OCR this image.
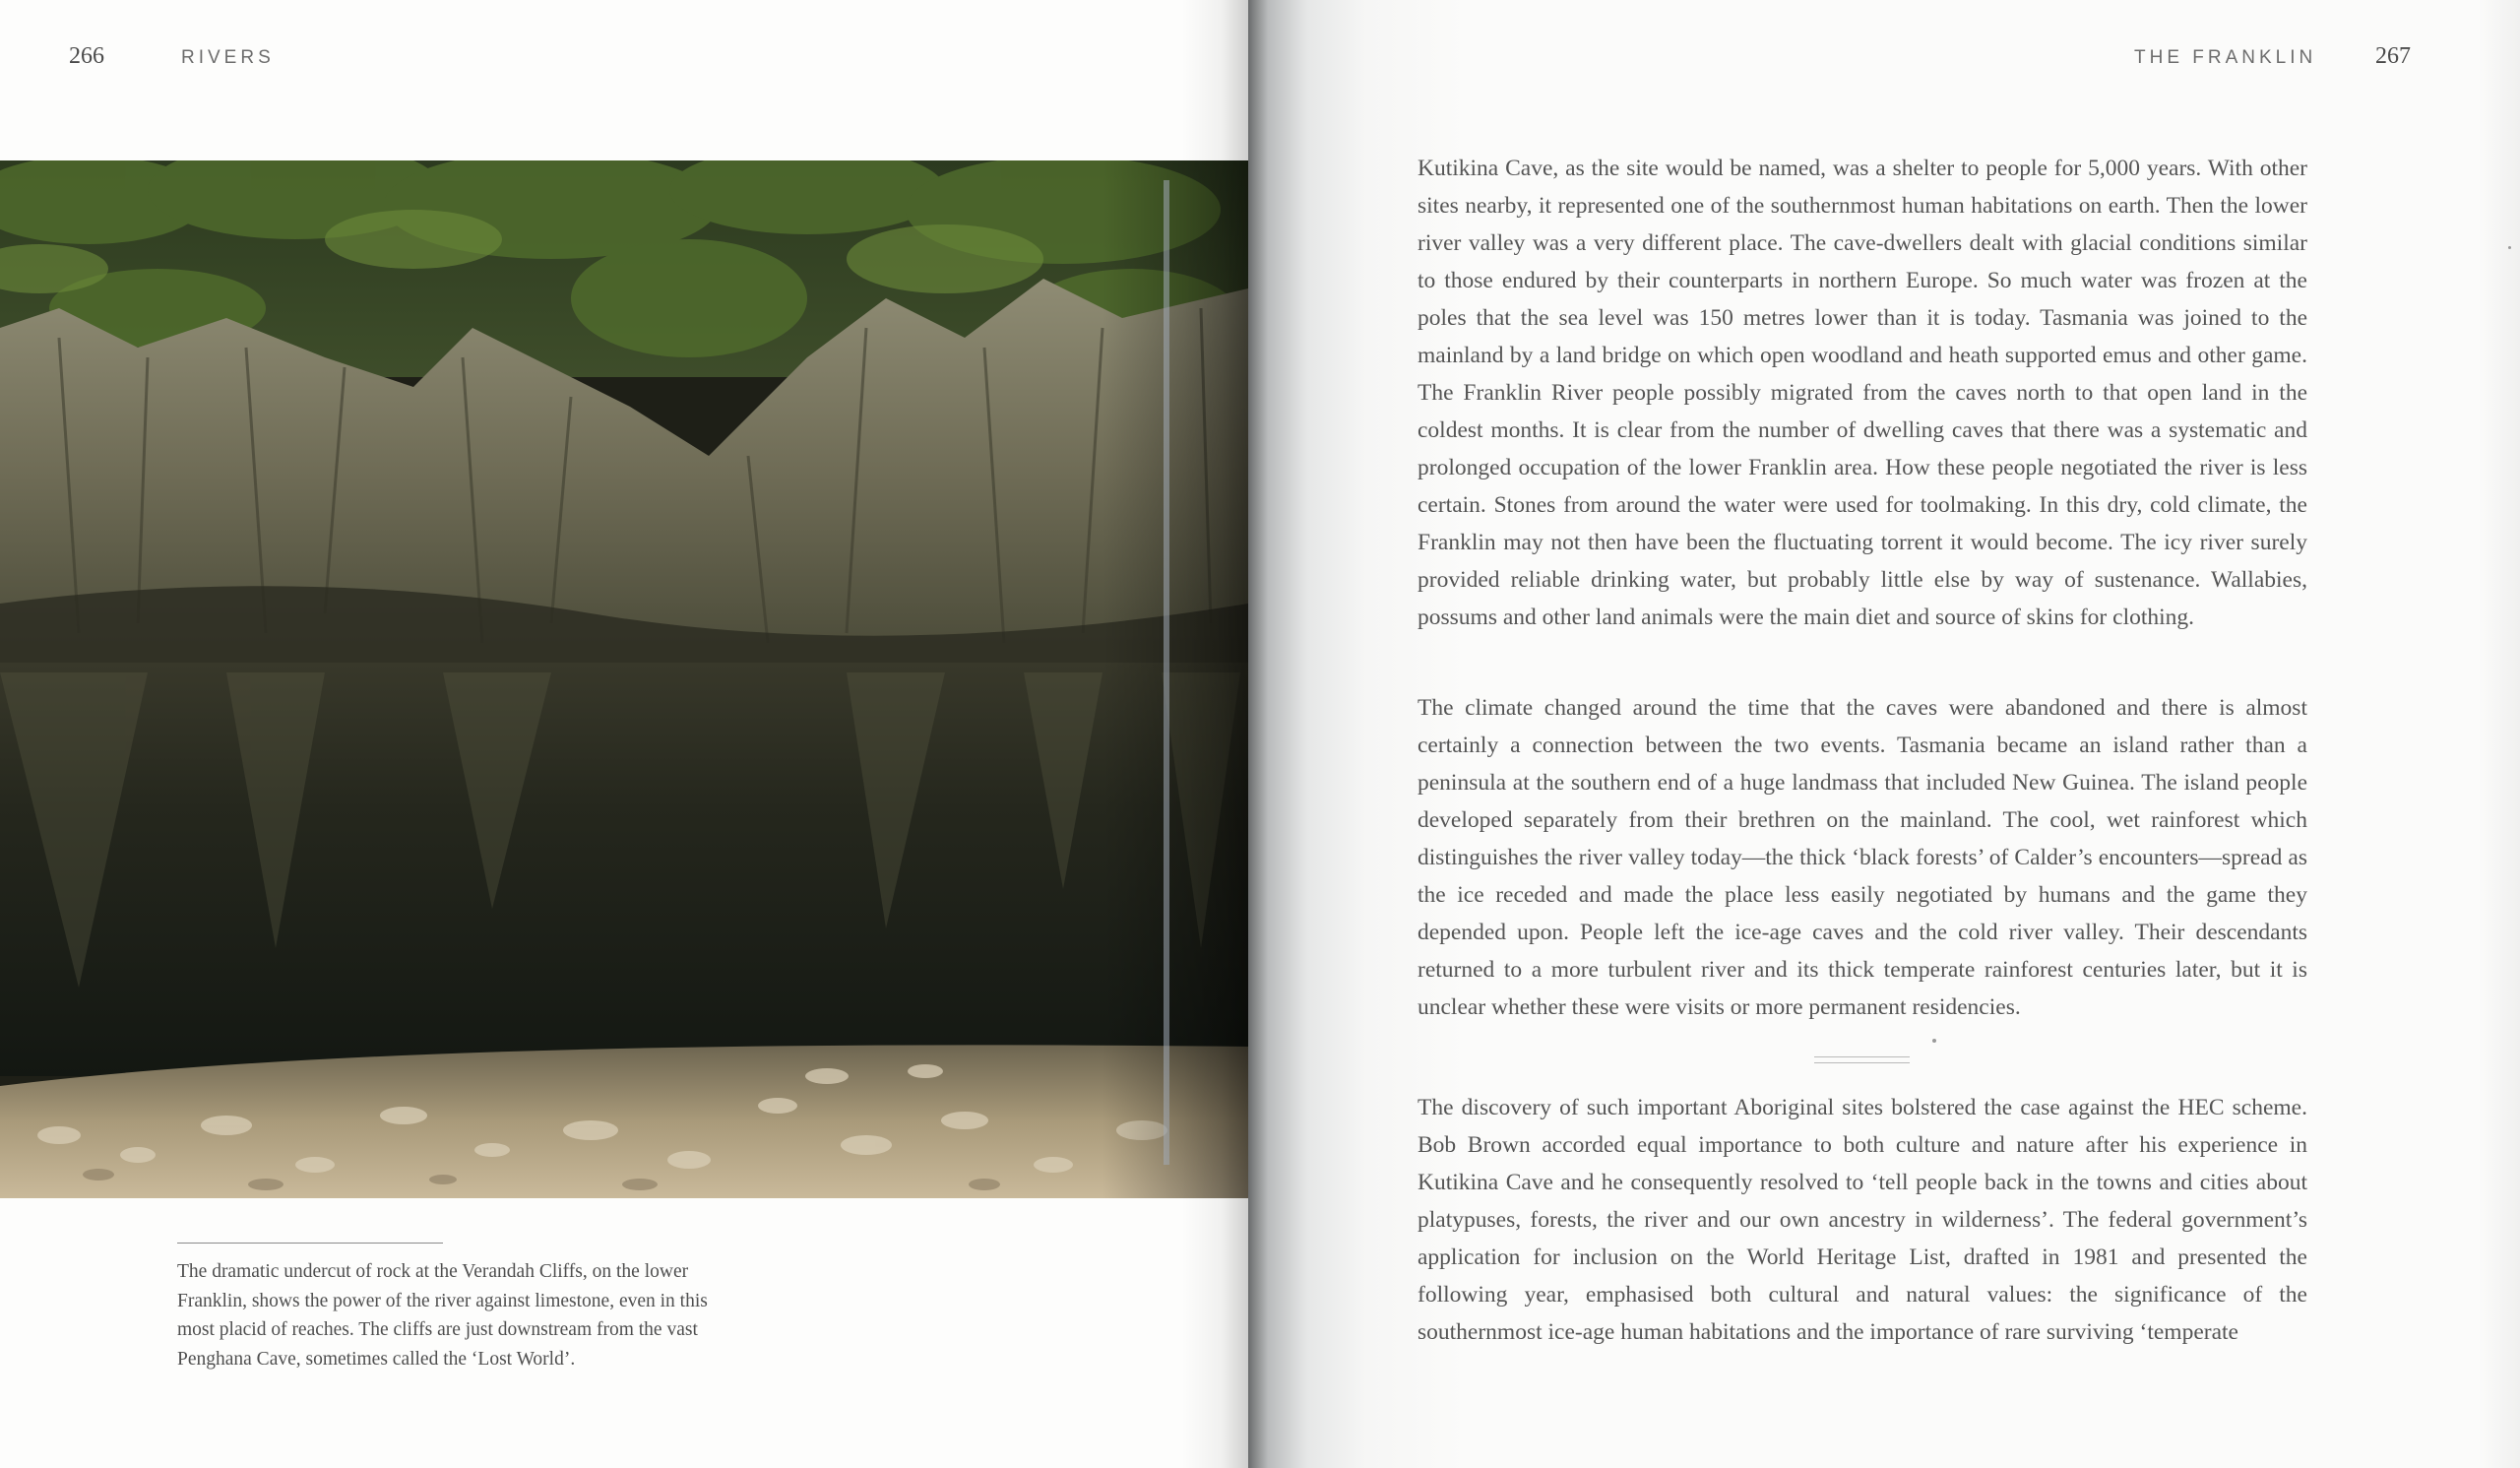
266	RIVERS

The dramatic undercut of rock at the Verandah Cliffs, on the lower Franklin, shows the power of the river against limestone, even in this most placid of reaches. The cliffs are just downstream from the vast Penghana Cave, sometimes called the ‘Lost World’.

THE FRANKLIN 267

Kutikina Cave, as the site would be named, was a shelter to people for 5,000 years. With other sites nearby, it represented one of the southernmost human habitations on earth. Then the lower river valley was a very different place. The cave-dwellers dealt with glacial conditions similar to those endured by their counterparts in northern Europe. So much water was frozen at the poles that the sea level was 150 metres lower than it is today. Tasmania was joined to the mainland by a land bridge on which open woodland and heath supported emus and other game. The Franklin River people possibly migrated from the caves north to that open land in the coldest months. It is clear from the number of dwelling caves that there was a systematic and prolonged occupation of the lower Franklin area. How these people negotiated the river is less certain. Stones from around the water were used for toolmaking. In this dry, cold climate, the Franklin may not then have been the fluctuating torrent it would become. The icy river surely provided reliable drinking water, but probably little else by way of sustenance. Wallabies, possums and other land animals were the main diet and source of skins for clothing.

The climate changed around the time that the caves were abandoned and there is almost certainly a connection between the two events. Tasmania became an island rather than a peninsula at the southern end of a huge landmass that included New Guinea. The island people developed separately from their brethren on the mainland. The cool, wet rainforest which distinguishes the river valley today—the thick ‘black forests’ of Calder’s encounters—spread as the ice receded and made the place less easily negotiated by humans and the game they depended upon. People left the ice-age caves and the cold river valley. Their descendants returned to a more turbulent river and its thick temperate rainforest centuries later, but it is unclear whether these were visits or more permanent residencies.

The discovery of such important Aboriginal sites bolstered the case against the HEC scheme. Bob Brown accorded equal importance to both culture and nature after his experience in Kutikina Cave and he consequently resolved to ‘tell people back in the towns and cities about platypuses, forests, the river and our own ancestry in wilderness’. The federal government’s application for inclusion on the World Heritage List, drafted in 1981 and presented the following year, emphasised both cultural and natural values: the significance of the southernmost ice-age human habitations and the importance of rare surviving ‘temperate
